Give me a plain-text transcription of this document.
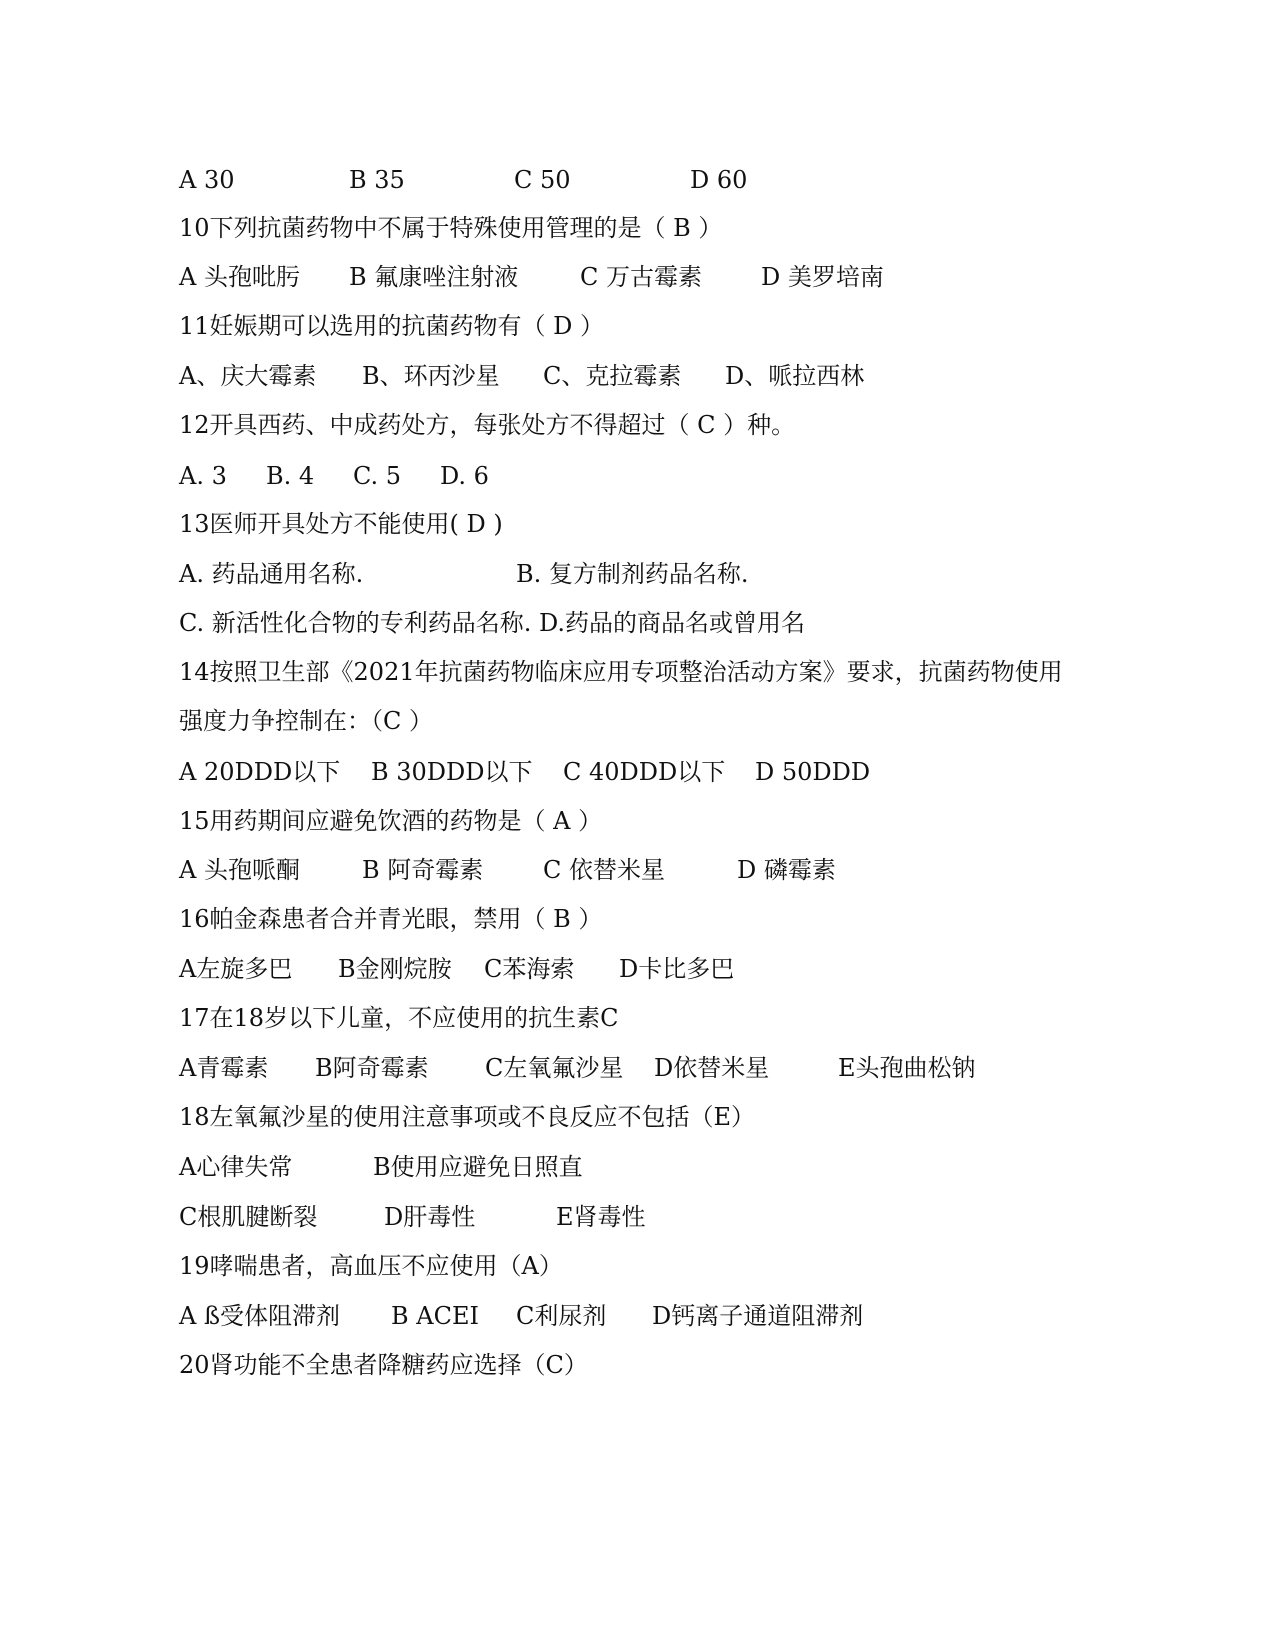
A 30

	B 35

	C 50

	D 60

10下列抗菌药物中不属于特殊使用管理的是（ B ）

A 头孢吡肟

B 氟康唑注射液

	C 万古霉素

D 美罗培南

11妊娠期可以选用的抗菌药物有（ D ）

A、庆大霉素

B、环丙沙星

C、克拉霉素

D、哌拉西林

12开具西药、中成药处方，每张处方不得超过（ C ）种。

A. 3

B. 4

C. 5

D. 6

13医师开具处方不能使用( D )

A. 药品通用名称.

	B. 复方制剂药品名称.

C. 新活性化合物的专利药品名称. D.药品的商品名或曾用名

14按照卫生部《2021年抗菌药物临床应用专项整治活动方案》要求，抗菌药物使用

强度力争控制在：（C ）

A 20DDD以下

B 30DDD以下

C 40DDD以下

D 50DDD

15用药期间应避免饮酒的药物是（ A ）

A 头孢哌酮

	B 阿奇霉素

C 依替米星

	D 磷霉素

16帕金森患者合并青光眼，禁用（ B ）

A左旋多巴

B金刚烷胺

C苯海索

D卡比多巴

17在18岁以下儿童，不应使用的抗生素C

A青霉素

B阿奇霉素

C左氧氟沙星

D依替米星

	E头孢曲松钠

18左氧氟沙星的使用注意事项或不良反应不包括（E）

A心律失常

	B使用应避免日照直

C根肌腱断裂

	D肝毒性

	E肾毒性

19哮喘患者，高血压不应使用（A）

A ß受体阻滞剂

B ACEI

C利尿剂

D钙离子通道阻滞剂

20肾功能不全患者降糖药应选择（C）
